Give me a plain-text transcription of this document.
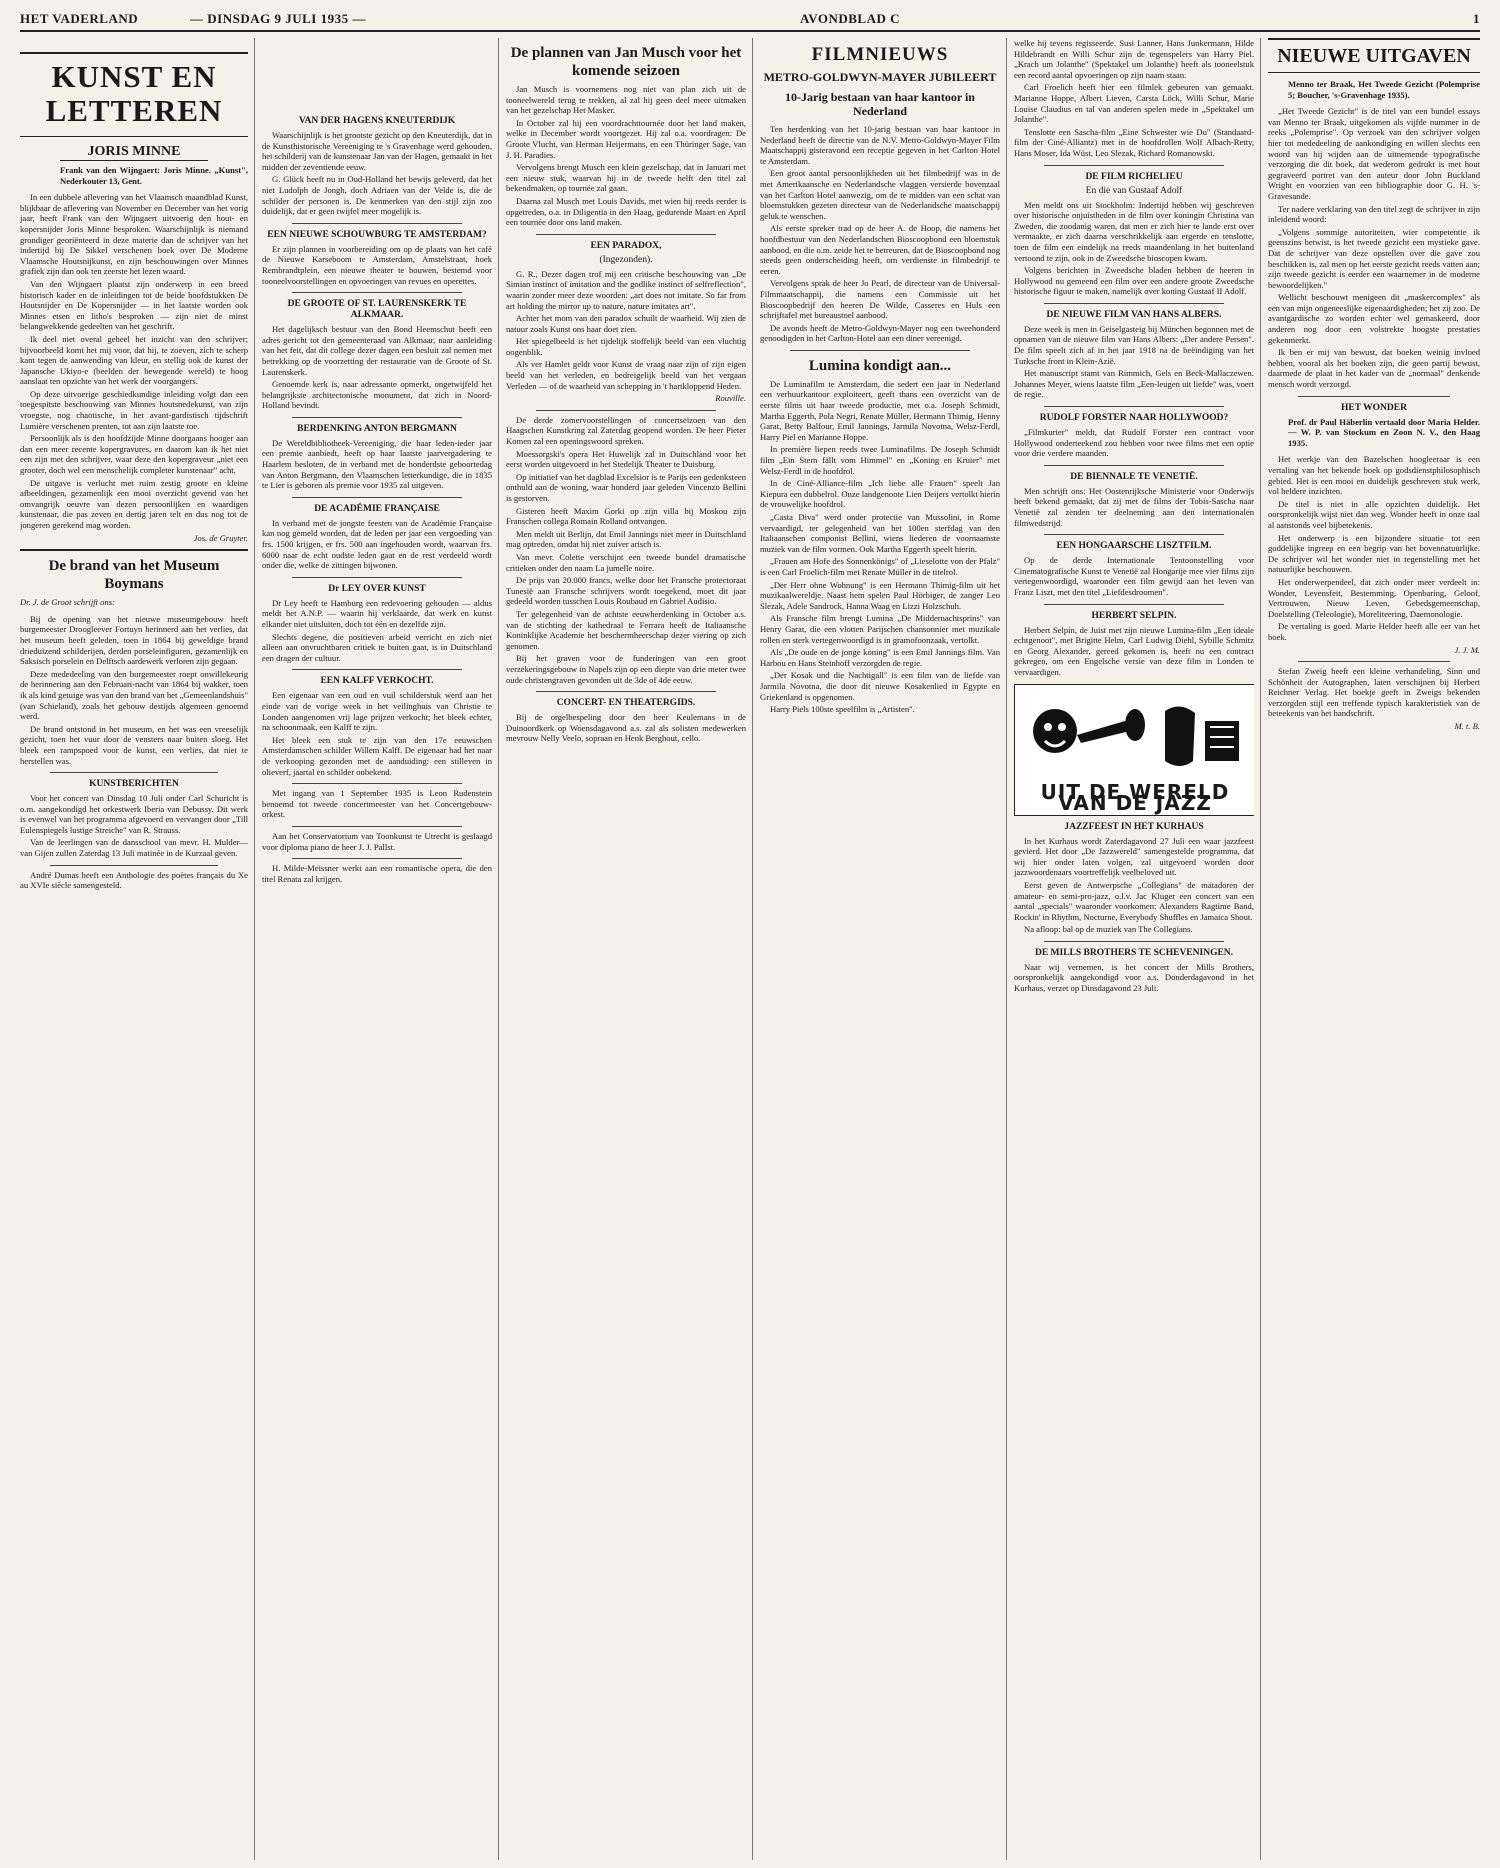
HET VADERLAND	— DINSDAG 9 JULI 1935 —	AVONDBLAD C	1
KUNST EN LETTEREN
JORIS MINNE

Frank van den Wijngaert: Joris Minne. „Kunst", Nederkouter 13, Gent.

In een dubbele aflevering van het Vlaamsch maandblad Kunst, blijkbaar de aflevering van November en December van het vorig jaar, heeft Frank van den Wijngaert uitvoerig den hout- en kopersnijder Joris Minne besproken. Waarschijnlijk is niemand grondiger georiënteerd in deze materie dan de schrijver van het indertijd bij De Sikkel verschenen boek over De Moderne Vlaamsche Houtsnijkunst, en zijn beschouwingen over Minnes grafiek zijn dan ook ten zeerste het lezen waard.

Van den Wijngaert plaatst zijn onderwerp in een breed historisch kader en de inleidingen tot de beide hoofdstukken De Houtsnijder en De Kopersnijder — in het laatste worden ook Minnes etsen en litho's besproken — zijn niet de minst belangwekkende gedeelten van het geschrift.

Ik deel niet overal geheel het inzicht van den schrijver; bijvoorbeeld komt het mij voor, dat hij, te zoeven, zich te scherp kant tegen de aanwending van kleur, en stellig ook de kunst der Japansche Ukiyo-e (beelden der bewegende wereld) te hoog aanslaat ten opzichte van het werk der voorgangers.

Op deze uitvoerige geschiedkundige inleiding volgt dan een toegespitste beschouwing van Minnes houtsnedekunst, van zijn vroegste, nog chaotische, in het avant-gardistisch tijdschrift Lumière verschenen prenten, tot aan zijn laatste toe.

Persoonlijk als is den hoofdzijde Minne doorgaans hooger aan dan een meer recente kopergravures, en daarom kan ik het niet een zijn met den schrijver, waar deze den kopergraveur „niet een grooter, doch wel een menschelijk completer kunstenaar" acht.

De uitgave is verlucht met ruim zestig groote en kleine afbeeldingen, gezamenlijk een mooi overzicht gevend van het omvangrijk oeuvre van dezen persoonlijken en waardigen kunstenaar, die pas zeven en dertig jaren telt en dus nog tot de jongeren gerekend mag worden.

Jos. de Gruyter.

De brand van het Museum Boymans

Dr. J. de Groot schrijft ons:

Bij de opening van het nieuwe museumgebouw heeft burgemeester Droogleever Fortuyn herinnerd aan het verlies, dat het museum heeft geleden, toen in 1864 bij geweldige brand drieduizend schilderijen, derden porseleinfiguren, gezamenlijk en Saksisch porselein en Delftsch aardewerk verloren zijn gegaan.

Deze mededeeling van den burgemeester roept onwillekeurig de herinnering aan den Februari-nacht van 1864 bij wakker, toen ik als kind getuige was van den brand van het „Gemeenlandshuis" (van Schieland), zoals het gebouw destijds algemeen genoemd werd.

De brand ontstond in het museum, en het was een vreeselijk gezicht, toen het vuur door de vensters naar buiten sloeg. Het bleek een rampspoed voor de kunst, een verlies, dat niet te herstellen was.

KUNSTBERICHTEN

Voor het concert van Dinsdag 10 Juli onder Carl Schuricht is o.m. aangekondigd het orkestwerk Iberia van Debussy. Dit werk is evenwel van het programma afgevoerd en vervangen door „Till Eulenspiegels lustige Streiche" van R. Strauss.

Van de leerlingen van de dansschool van mevr. H. Mulder—van Gijen zullen Zaterdag 13 Juli matinée in de Kurzaal geven.

André Dumas heeft een Anthologie des poètes français du Xe au XVIe siècle samengesteld.

VAN DER HAGENS KNEUTERDIJK

Waarschijnlijk is het grootste gezicht op den Kneuterdijk, dat in de Kunsthistorische Vereeniging te 's Gravenhage werd gehouden, het schilderij van de kunstenaar Jan van der Hagen, gemaakt in het midden der zeventiende eeuw.

G. Glück heeft nu in Oud-Holland het bewijs geleverd, dat het niet Ludolph de Jongh, doch Adriaen van der Velde is, die de schilder der personen is. De kenmerken van den stijl zijn zoo duidelijk, dat er geen twijfel meer mogelijk is.

EEN NIEUWE SCHOUWBURG TE AMSTERDAM?

Er zijn plannen in voorbereiding om op de plaats van het café de Nieuwe Karseboom te Amsterdam, Amstelstraat, hoek Rembrandtplein, een nieuwe theater te bouwen, bestemd voor tooneelvoorstellingen en opvoeringen van revues en operettes.

DE GROOTE OF ST. LAURENSKERK TE ALKMAAR.

Het dagelijksch bestuur van den Bond Heemschut heeft een adres gericht tot den gemeenteraad van Alkmaar, naar aanleiding van het feit, dat dit college dezer dagen een besluit zal nemen met betrekking op de voorzetting der restauratie van de Groote of St. Laurenskerk.

Genoemde kerk is, naar adressante opmerkt, ongetwijfeld het belangrijkste architectonische monument, dat zich in Noord-Holland bevindt.

BERDENKING ANTON BERGMANN

De Wereldbibliotheek-Vereeniging, die haar leden-ieder jaar een premie aanbiedt, heeft op haar laatste jaarvergadering te Haarlem besloten, de in verband met de honderdste geboortedag van Anton Bergmann, den Vlaamschen letterkundige, die in 1835 te Lier is geboren als premie voor 1935 zal uitgeven.

DE ACADÉMIE FRANÇAISE

In verband met de jongste feesten van de Académie Française kan nog gemeld worden, dat de leden per jaar een vergoeding van frs. 1500 krijgen, er frs. 500 aan ingehouden wordt, waarvan frs. 6000 naar de echt oudste leden gaat en de rest verdeeld wordt onder die, welke de zittingen bijwonen.

Dr LEY OVER KUNST

Dr Ley heeft te Hamburg een redevoering gehouden — aldus meldt het A.N.P. — waarin hij verklaarde, dat werk en kunst elkander niet uitsluiten, doch tot één en dezelfde zijn.

Slechts degene, die positieven arbeid verricht en zich niet alleen aan onvruchtbaren critiek te buiten gaat, is in Duitschland een dragen der cultuur.

EEN KALFF VERKOCHT.

Een eigenaar van een oud en vuil schilderstuk werd aan het einde van de vorige week in het veilinghuis van Christie te Londen aangenomen vrij lage prijzen verkocht; het bleek echter, na schoonmaak, een Kalff te zijn.

Het bleek een stuk te zijn van den 17e eeuwschen Amsterdamschen schilder Willem Kalff. De eigenaar had het naar de verkooping gezonden met de aanduiding: een stilleven in olieverf, jaartal en schilder onbekend.

Met ingang van 1 September 1935 is Leon Rudenstein benoemd tot tweede concertmeester van het Concertgebouw-orkest.

Aan het Conservatorium van Toonkunst te Utrecht is geslaagd voor diploma piano de heer J. J. Pallst.

H. Milde-Meissner werkt aan een romantische opera, die den titel Renata zal krijgen.

De plannen van Jan Musch voor het komende seizoen

Jan Musch is voornemens nog niet van plan zich uit de tooneelwereld terug te trekken, al zal hij geen deel meer uitmaken van het gezelschap Het Masker.

In October zal hij een voordrachttournée door het land maken, welke in December wordt voortgezet. Hij zal o.a. voordragen: De Groote Vlucht, van Herman Heijermans, en een Thüringer Sage, van J. H. Paradies.

Vervolgens brengt Musch een klein gezelschap, dat in Januari met een nieuw stuk, waarvan hij in de tweede helft den titel zal bekendmaken, op tournée zal gaan.

Daarna zal Musch met Louis Davids, met wien hij reeds eerder is opgetreden, o.a. in Diligentia in den Haag, gedurende Maart en April een tournée door ons land maken.

EEN PARADOX,
(Ingezonden).

G. R., Dezer dagen trof mij een critische beschouwing van „De Simian instinct of imitation and the godlike instinct of selfreflection", waarin zonder meer deze woorden: „art does not imitate. So far from art holding the mirror up to nature, nature imitates art".

Achter het mom van den paradox schuilt de waarheid. Wij zien de natuur zoals Kunst ons haar doet zien.

Het spiegelbeeld is het tijdelijk stoffelijk beeld van een vluchtig oogenblik.

Als ver Hamlet geldt voor Kunst de vraag naar zijn of zijn eigen beeld van het verleden, en bedreigelijk beeld van het vergaan Verleden — of de waarheid van schepping in 't hartkloppend Heden.

Rouville.

De derde zomervoorstellingen of concertseizoen van den Haagschen Kunstkring zal Zaterdag geopend worden. De heer Pieter Komen zal een openingswoord spreken.

Moessorgski's opera Het Huwelijk zal in Duitschland voor het eerst worden uitgevoerd in het Stedelijk Theater te Duisburg.

Op initiatief van het dagblad Excelsior is te Parijs een gedenksteen onthuld aan de woning, waar honderd jaar geleden Vincenzo Bellini is gestorven.

Gisteren heeft Maxim Gorki op zijn villa bij Moskou zijn Franschen collega Romain Rolland ontvangen.

Men meldt uit Berlijn, dat Emil Jannings niet meer in Duitschland mag optreden, omdat hij niet zuiver arisch is.

Van mevr. Colette verschijnt een tweede bundel dramatische critieken onder den naam La jumelle noire.

De prijs van 20.000 francs, welke door het Fransche protectoraat Tunesië aan Fransche schrijvers wordt toegekend, moet dit jaar gedeeld worden tusschen Louis Roubaud en Gabriel Audisio.

Ter gelegenheid van de achtste eeuwherdenking in October a.s. van de stichting der kathedraal te Ferrara heeft de Italiaansche Koninklijke Academie het beschermheerschap dezer viering op zich genomen.

Bij het graven voor de funderingen van een groot verzekeringsgebouw in Napels zijn op een diepte van drie meter twee oude christengraven gevonden uit de 3de of 4de eeuw.

CONCERT- EN THEATERGIDS.

Bij de orgelbespeling door den heer Keulemans in de Duinoordkerk op Woensdagavond a.s. zal als solisten medewerken mevrouw Nelly Veelo, sopraan en Henk Berghout, cello.

FILMNIEUWS
METRO-GOLDWYN-MAYER JUBILEERT
10-Jarig bestaan van haar kantoor in Nederland

Ten herdenking van het 10-jarig bestaan van haar kantoor in Nederland heeft de directie van de N.V. Metro-Goldwyn-Mayer Film Maatschappij gisteravond een receptie gegeven in het Carlton Hotel te Amsterdam.

Een groot aantal persoonlijkheden uit het filmbedrijf was in de met Amerikaansche en Nederlandsche vlaggen versierde bovenzaal van het Carlton Hotel aanwezig, om de te midden van een schat van bloemstukken gezeten directeur van de Nederlandsche maatschappij geluk te wenschen.

Als eerste spreker trad op de heer A. de Hoop, die namens het hoofdbestuur van den Nederlandschen Bioscoopbond een bloemstuk aanbood, en die o.m. zeide het te betreuren, dat de Bioscoopbond nog steeds geen onderscheiding heeft, om verdienste in filmbedrijf te eeren.

Vervolgens sprak de heer Jo Pearl, de directeur van de Universal-Filmmaatschappij, die namens een Commissie uit het Bioscoopbedrijf den heeren De Wilde, Casseres en Huls een schrijftafel met bureaustoel aanbood.

De avonds heeft de Metro-Goldwyn-Mayer nog een tweehonderd genoodigden in het Carlton-Hotel aan een diner vereenigd.

Lumina kondigt aan...

De Luminafilm te Amsterdam, die sedert een jaar in Nederland een verhuurkantoor exploiteert, geeft thans een overzicht van de eerste films uit haar tweede productie, met o.a. Joseph Schmidt, Martha Eggerth, Pola Negri, Renate Müller, Hermann Thimig, Henny Garat, Betty Balfour, Emil Jannings, Jarmila Novotna, Welsz-Ferdl, Harry Piel en Marianne Hoppe.

In première liepen reeds twee Luminafilms. De Joseph Schmidt film „Ein Stern fällt vom Himmel" en „Koning en Kruier" met Welsz-Ferdl in de hoofdrol.

In de Ciné-Alliance-film „Ich liebe alle Frauen" speelt Jan Kiepura een dubbelrol. Onze landgenoote Lien Deijers vertolkt hierin de vrouwelijke hoofdrol.

„Casta Diva" werd onder protectie van Mussolini, in Rome vervaardigd, ter gelegenheid van het 100en sterfdag van den Italiaanschen componist Bellini, wiens liederen de voornaamste muziek van de film vormen. Ook Martha Eggerth speelt hierin.

„Frauen am Hofe des Sonnenkönigs" of „Lieselotte von der Pfalz" is een Carl Froelich-film met Renate Müller in de titelrol.

„Der Herr ohne Wohnung" is een Hermann Thimig-film uit het muzikaalwereldje. Naast hem spelen Paul Hörbiger, de zanger Leo Slezak, Adele Sandrock, Hanna Waag en Lizzi Holzschuh.

Als Fransche film brengt Lumina „De Middernachtsprins" van Henry Garat, die een vlotten Parijschen chansonnier met muzikale rollen en sterk vertegenwoordigd is in gramofoonzaak, vertolkt.

Als „De oude en de jonge koning" is een Emil Jannings film. Van Harbou en Hans Steinhoff verzorgden de regie.

„Der Kosak und die Nachtigall" is een film van de liefde van Jarmila Novotna, die door dit nieuwe Kosakenlied in Egypte en Griekenland is opgenomen.

Harry Piels 100ste speelfilm is „Artisten".

welke hij tevens regisseerde. Susi Lanner, Hans Junkermann, Hilde Hildebrandt en Willi Schur zijn de tegenspelers van Harry Piel. „Krach um Jolanthe" (Spektakel um Jolanthe) heeft als tooneelstuk een record aantal opvoeringen op zijn naam staan.

Carl Froelich heeft hier een filmlek gebeuren van gemaakt. Marianne Hoppe, Albert Lieven, Carsta Löck, Willi Schur, Marie Louise Claudius en tal van anderen spelen mede in „Spektakel um Jolanthe".

Tenslotte een Sascha-film „Eine Schwester wie Du" (Standaard-film der Ciné-Alliantz) met in de hoofdrollen Wolf Albach-Retty, Hans Moser, Ida Wüst, Leo Slezak, Richard Romanowski.

DE FILM RICHELIEU
En die van Gustaaf Adolf

Men meldt ons uit Stockholm: Indertijd hebben wij geschreven over historische onjuistheden in de film over koningin Christina van Zweden, die zoodanig waren, dat men er zich hier te lande erst over vermaakte, er zich daarna verschrikkelijk aan ergerde en tenslotte, toen de film een eindelijk na reeds maandenlang in het buitenland vertoond te zijn, ook in de Zweedsche bioscopen kwam.

Volgens berichten in Zweedsche bladen hebben de heeren in Hollywood nu gemeend een film over een andere groote Zweedsche historische figuur te maken, namelijk over koning Gustaaf II Adolf.

DE NIEUWE FILM VAN HANS ALBERS.

Deze week is men in Geiselgasteig bij München begonnen met de opnamen van de nieuwe film van Hans Albers: „Der andere Persen". De film speelt zich af in het jaar 1918 na de beëindiging van het Turksche front in Klein-Azië.

Het manuscript stamt van Rimmich, Gels en Beck-Mallaczewen. Johannes Meyer, wiens laatste film „Een-leugen uit liefde" was, voert de regie.

RUDOLF FORSTER NAAR HOLLYWOOD?

„Filmkurier" meldt, dat Rudolf Forster een contract voor Hollywood onderteekend zou hebben voor twee films met een optie voor drie verdere maanden.

DE BIENNALE TE VENETIË.

Men schrijft ons: Het Oostenrijksche Ministerie voor Onderwijs heeft bekend gemaakt, dat zij met de films der Tobis-Sascha naar Venetië zal zenden ter deelneming aan den internationalen filmwedstrijd.

EEN HONGAARSCHE LISZTFILM.

Op de derde Internationale Tentoonstelling voor Cinematografische Kunst te Venetië zal Hongarije mee vier films zijn vertegenwoordigd, waaronder een film gewijd aan het leven van Franz Liszt, met den titel „Liefdesdroomen".

HERBERT SELPIN.

Herbert Selpin, de Juist met zijn nieuwe Lumina-film „Een ideale echtgenoot", met Brigitte Helm, Carl Ludwig Diehl, Sybille Schmitz en Georg Alexander, gereed gekomen is, heeft nu een contract gekregen, om een Engelsche versie van deze film in Londen te vervaardigen.

UIT DE WERELD VAN DE JAZZ
JAZZFEEST IN HET KURHAUS

In het Kurhaus wordt Zaterdagavond 27 Juli een waar jazzfeest gevierd. Het door „De Jazzwereld" samengestelde programma, dat wij hier onder laten volgen, zal uitgevoerd worden door jazzwoordenaars voortreffelijk veelbeloved uit.

Eerst geven de Antwerpsche „Collegians" de matadoren der amateur- en semi-pro-jazz, o.l.v. Jac Kluger een concert van een aantal „specials" waaronder voorkomen: Alexanders Ragtime Band, Rockin' in Rhythm, Nocturne, Everybody Shuffles en Jamaica Shout.

Na afloop: bal op de muziek van The Collegians.

DE MILLS BROTHERS TE SCHEVENINGEN.

Naar wij vernemen, is het concert der Mills Brothers, oorspronkelijk aangekondigd voor a.s. Donderdagavond in het Kurhaus, verzet op Dinsdagavond 23 Juli.

NIEUWE UITGAVEN

Menno ter Braak, Het Tweede Gezicht (Polemprise 5; Boucher, 's-Gravenhage 1935).

„Het Tweede Gezicht" is de titel van een bundel essays van Menno ter Braak, uitgekomen als vijfde nummer in de reeks „Polemprise". Op verzoek van den schrijver volgen hier tot mededeeling de aankondiging en willen slechts een woord van hij wijden aan de uitnemende typografische verzorging die dit boek, dat wederom gedrukt is met hout gegraveerd portret van den auteur door John Buckland Wright en voorzien van een bibliographie door G. H. 's-Gravesande.

Ter nadere verklaring van den titel zegt de schrijver in zijn inleidend woord:

„Volgens sommige autoriteiten, wier competentie ik geenszins betwist, is het tweede gezicht een mystieke gave. Dat de schrijver van deze opstellen over die gave zou beschikken is, zal men op het eerste gezicht reeds vatten aan; zijn tweede gezicht is eerder een waarnemer in de moderne bewoordelijken."

Wellicht beschouwt menigeen dit „maskercomplex" als een van mijn ongeneeslijke eigenaardigheden; het zij zoo. De avantgardische zo worden echter wel gemaskeerd, door anderen nog door een volstrekte hoogste prestaties gekenmerkt.

Ik ben er mij van bewust, dat boeken weinig invloed hebben, vooral als het boeken zijn, die geen partij bewust, daarmede de plaat in het kader van de „normaal" denkende mensch wordt verzorgd.

HET WONDER

Prof. dr Paul Häberlin vertaald door Maria Helder. — W. P. van Stockum en Zoon N. V., den Haag 1935.

Het werkje van den Bazelschen hoogleeraar is een vertaling van het bekende boek op godsdienstphilosophisch gebied. Het is een mooi en duidelijk geschreven stuk werk, vol heldere inzichten.

De titel is niet in alle opzichten duidelijk. Het oorspronkelijk wijst niet dan weg. Wonder heeft in onze taal al aanstonds veel bijbetekenis.

Het onderwerp is een bijzondere situatie tot een goddelijke ingreep en een begrip van het bovennatuurlijke. De schrijver wil het wonder niet in tegenstelling met het natuurlijke beschouwen.

Het onderwerpendeel, dat zich onder meer verdeelt in: Wonder, Levensfeit, Bestemming, Openbaring, Geloof, Vertrouwen, Nieuw Leven, Gebedsgemeenschap, Doelstelling (Teleologie), Moreliteering, Daemonologie.

De vertaling is goed. Marie Helder heeft alle eer van het boek.

J. J. M.

Stefan Zweig heeft een kleine verhandeling, Sinn und Schönheit der Autographen, laten verschijnen bij Herbert Reichner Verlag. Het boekje geeft in Zweigs bekenden verzorgden stijl een treffende typisch karakteristiek van de beteekenis van het handschrift.

M. t. B.
